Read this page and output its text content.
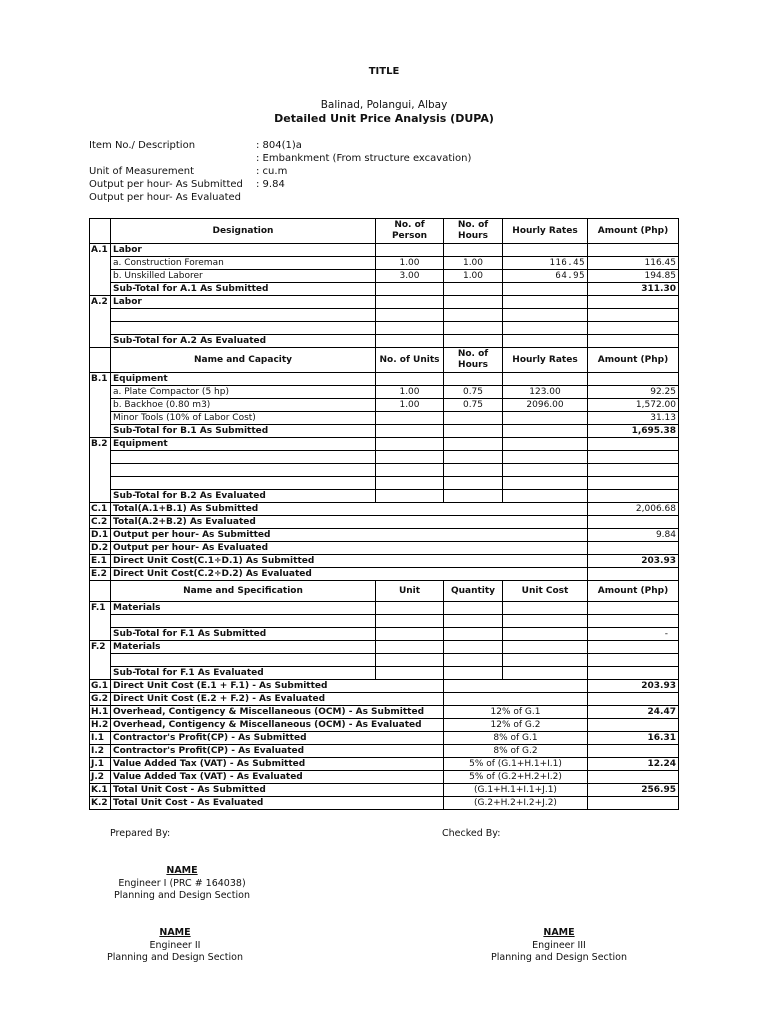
TITLE
Balinad, Polangui, Albay
Detailed Unit Price Analysis (DUPA)
Item No./ Description	: 804(1)a
: Embankment (From structure excavation)
Unit of Measurement	: cu.m
Output per hour- As Submitted : 9.84
Output per hour- As Evaluated
	Designation	No. of Person	No. of Hours	Hourly Rates	Amount (Php)
A.1	Labor				
	a. Construction Foreman	1.00	1.00	116.45	116.45
	b. Unskilled Laborer	3.00	1.00	64.95	194.85
	Sub-Total for A.1 As Submitted				311.30
A.2	Labor				

	Sub-Total for A.2 As Evaluated				
	Name and Capacity	No. of Units	No. of Hours	Hourly Rates	Amount (Php)
B.1	Equipment				
	a. Plate Compactor (5 hp)	1.00	0.75	123.00	92.25
	b. Backhoe (0.80 m3)	1.00	0.75	2096.00	1,572.00
	Minor Tools (10% of Labor Cost)				31.13
	Sub-Total for B.1 As Submitted				1,695.38
B.2	Equipment				

	Sub-Total for B.2 As Evaluated				
C.1	Total(A.1+B.1) As Submitted				2,006.68
C.2	Total(A.2+B.2) As Evaluated				
D.1	Output per hour- As Submitted				9.84
D.2	Output per hour- As Evaluated				
E.1	Direct Unit Cost(C.1÷D.1) As Submitted				203.93
E.2	Direct Unit Cost(C.2÷D.2) As Evaluated				
	Name and Specification	Unit	Quantity	Unit Cost	Amount (Php)
F.1	Materials				

	Sub-Total for F.1 As Submitted				-
F.2	Materials				

	Sub-Total for F.1 As Evaluated				
G.1	Direct Unit Cost (E.1 + F.1) - As Submitted				203.93
G.2	Direct Unit Cost (E.2 + F.2) - As Evaluated				
H.1	Overhead, Contigency & Miscellaneous (OCM) - As Submitted		12% of G.1		24.47
H.2	Overhead, Contigency & Miscellaneous (OCM) - As Evaluated		12% of G.2		
I.1	Contractor's Profit(CP) - As Submitted		8% of G.1		16.31
I.2	Contractor's Profit(CP) - As Evaluated		8% of G.2		
J.1	Value Added Tax (VAT) - As Submitted		5% of (G.1+H.1+I.1)		12.24
J.2	Value Added Tax (VAT) - As Evaluated		5% of (G.2+H.2+I.2)		
K.1	Total Unit Cost - As Submitted		(G.1+H.1+I.1+J.1)		256.95
K.2	Total Unit Cost - As Evaluated		(G.2+H.2+I.2+J.2)		
Prepared By:	Checked By:
NAME
Engineer I (PRC # 164038)
Planning and Design Section
NAME
Engineer II
Planning and Design Section
NAME
Engineer III
Planning and Design Section
